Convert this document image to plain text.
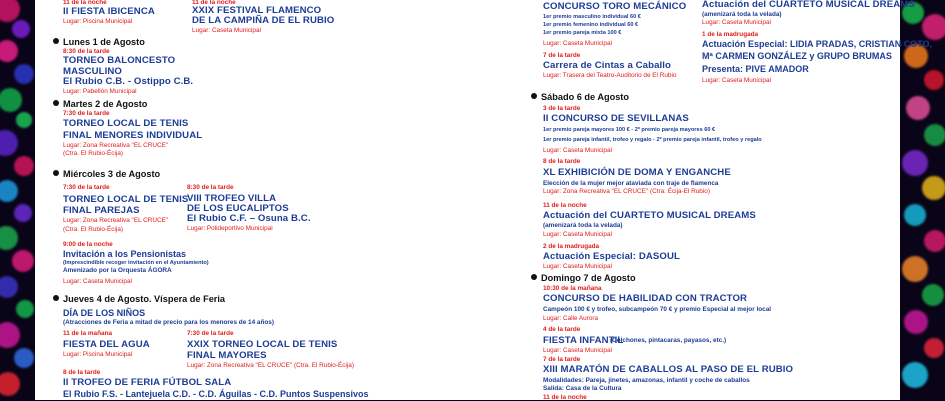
11 de la noche
II FIESTA IBICENCA
Lugar: Piscina Municipal
11 de la noche
XXIX FESTIVAL FLAMENCO
DE LA CAMPIÑA DE EL RUBIO
Lugar: Caseta Municipal
Lunes 1 de Agosto
8:30 de la tarde
TORNEO BALONCESTO
MASCULINO
El Rubio C.B. - Ostippo C.B.
Lugar: Pabellón Municipal
Martes 2 de Agosto
7:30 de la tarde
TORNEO LOCAL DE TENIS
FINAL MENORES INDIVIDUAL
Lugar: Zona Recreativa "EL CRUCE"
(Ctra. El Rubio-Écija)
Miércoles 3 de Agosto
7:30 de la tarde
TORNEO LOCAL DE TENIS
FINAL PAREJAS
Lugar: Zona Recreativa "EL CRUCE"
(Ctra. El Rubio-Écija)
8:30 de la tarde
VIII TROFEO VILLA
DE LOS EUCALIPTOS
El Rubio C.F. – Osuna B.C.
Lugar: Polideportivo Municipal
9:00 de la noche
Invitación a los Pensionistas
(Imprescindible recoger invitación en el Ayuntamiento)
Amenizado por la Orquesta ÁGORA
Lugar: Caseta Municipal
Jueves 4 de Agosto. Víspera de Feria
DÍA DE LOS NIÑOS
(Atracciones de Feria a mitad de precio para los menores de 14 años)
11 de la mañana
FIESTA DEL AGUA
Lugar: Piscina Municipal
7:30 de la tarde
XXIX TORNEO LOCAL DE TENIS
FINAL MAYORES
Lugar: Zona Recreativa "EL CRUCE" (Ctra. El Rubio-Écija)
8 de la tarde
II TROFEO DE FERIA FÚTBOL SALA
El Rubio F.S. - Lantejuela C.D. - C.D. Águilas - C.D. Puntos Suspensivos
CONCURSO TORO MECÁNICO
1er premio masculino individual 60 €
1er premio femenino individual 60 €
1er premio pareja mixta 100 €
Lugar: Caseta Municipal
7 de la tarde
Carrera de Cintas a Caballo
Lugar: Trasera del Teatro-Auditorio de El Rubio
Actuación del CUARTETO MUSICAL DREAMS
(amenizará toda la velada)
Lugar: Caseta Municipal
1 de la madrugada
Actuación Especial: LIDIA PRADAS, CRISTIAN COTO,
Mª CARMEN GONZÁLEZ y GRUPO BRUMAS
Presenta: PIVE AMADOR
Lugar: Caseta Municipal
Sábado 6 de Agosto
3 de la tarde
II CONCURSO DE SEVILLANAS
1er premio pareja mayores 100 € - 2º premio pareja mayores 60 €
1er premio pareja infantil, trofeo y regalo - 2º premio pareja infantil, trofeo y regalo
Lugar: Caseta Municipal
8 de la tarde
XL EXHIBICIÓN DE DOMA Y ENGANCHE
Elección de la mujer mejor ataviada con traje de flamenca
Lugar: Zona Recreativa "EL CRUCE" (Ctra. Écija-El Rubio)
11 de la noche
Actuación del CUARTETO MUSICAL DREAMS
(amenizará toda la velada)
Lugar: Caseta Municipal
2 de la madrugada
Actuación Especial: DASOUL
Lugar: Caseta Municipal
Domingo 7 de Agosto
10:30 de la mañana
CONCURSO DE HABILIDAD CON TRACTOR
Campeón 100 € y trofeo, subcampeón 70 € y premio Especial al mejor local
Lugar: Calle Aurora
4 de la tarde
FIESTA INFANTIL
(Colchones, pintacaras, payasos, etc.)
Lugar: Caseta Municipal
7 de la tarde
XIII MARATÓN DE CABALLOS AL PASO DE EL RUBIO
Modalidades: Pareja, jinetes, amazonas, infantil y coche de caballos
Salida: Casa de la Cultura
11 de la noche
